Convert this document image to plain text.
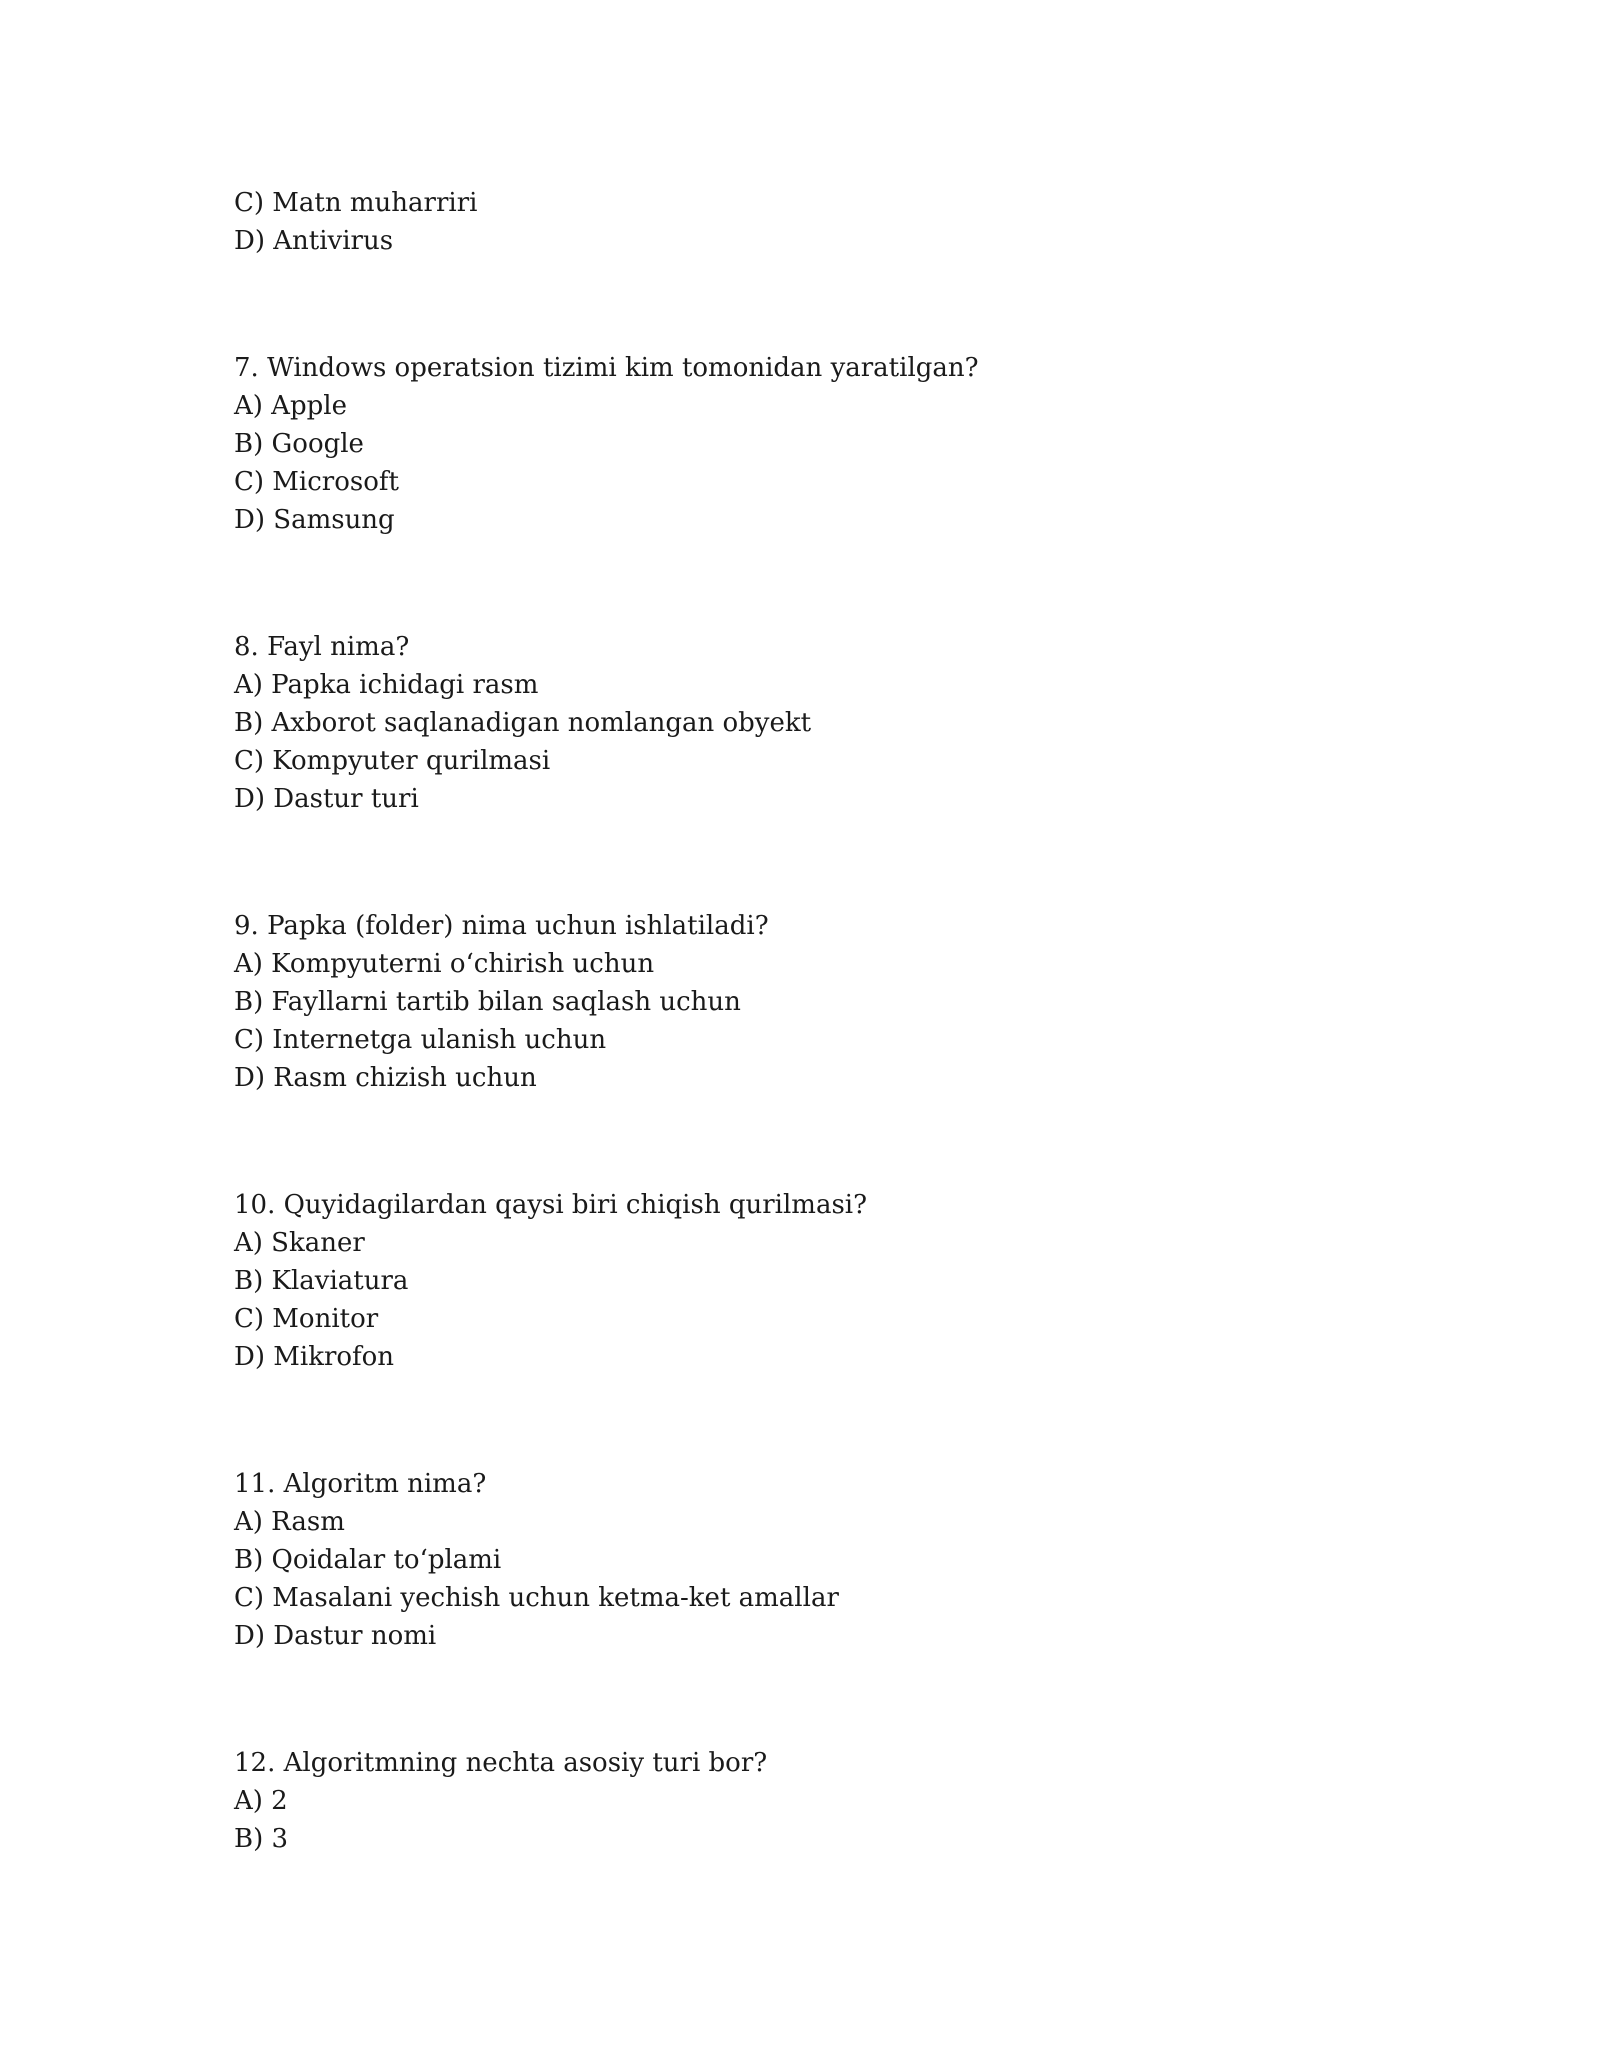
C) Matn muharriri
D) Antivirus
7. Windows operatsion tizimi kim tomonidan yaratilgan?
A) Apple
B) Google
C) Microsoft
D) Samsung
8. Fayl nima?
A) Papka ichidagi rasm
B) Axborot saqlanadigan nomlangan obyekt
C) Kompyuter qurilmasi
D) Dastur turi
9. Papka (folder) nima uchun ishlatiladi?
A) Kompyuterni o‘chirish uchun
B) Fayllarni tartib bilan saqlash uchun
C) Internetga ulanish uchun
D) Rasm chizish uchun
10. Quyidagilardan qaysi biri chiqish qurilmasi?
A) Skaner
B) Klaviatura
C) Monitor
D) Mikrofon
11. Algoritm nima?
A) Rasm
B) Qoidalar to‘plami
C) Masalani yechish uchun ketma-ket amallar
D) Dastur nomi
12. Algoritmning nechta asosiy turi bor?
A) 2
B) 3
